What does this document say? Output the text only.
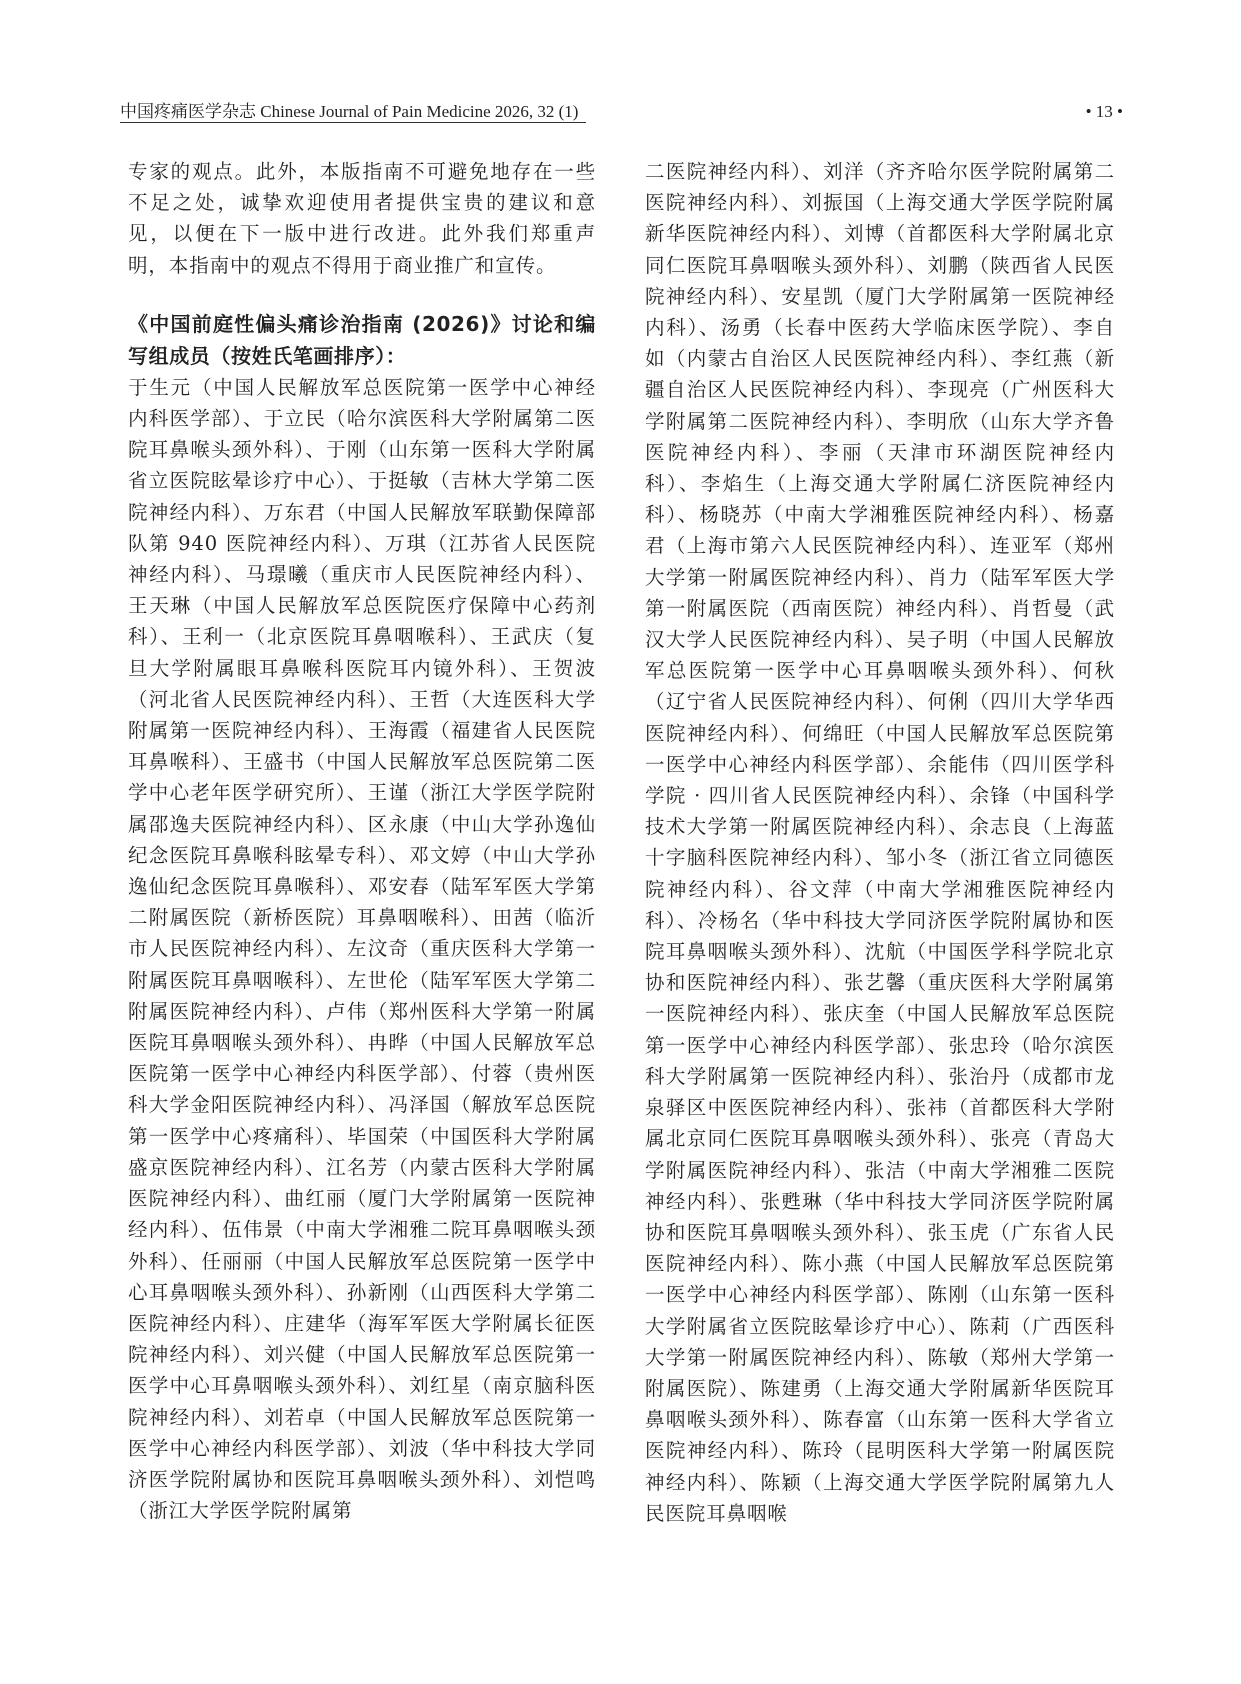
中国疼痛医学杂志 Chinese Journal of Pain Medicine 2026, 32 (1)	• 13 •

专家的观点。此外，本版指南不可避免地存在一些不足之处，诚挚欢迎使用者提供宝贵的建议和意见，以便在下一版中进行改进。此外我们郑重声明，本指南中的观点不得用于商业推广和宣传。

《中国前庭性偏头痛诊治指南 (2026)》讨论和编写组成员（按姓氏笔画排序）：

于生元（中国人民解放军总医院第一医学中心神经内科医学部）、于立民（哈尔滨医科大学附属第二医院耳鼻喉头颈外科）、于刚（山东第一医科大学附属省立医院眩晕诊疗中心）、于挺敏（吉林大学第二医院神经内科）、万东君（中国人民解放军联勤保障部队第 940 医院神经内科）、万琪（江苏省人民医院神经内科）、马璟曦（重庆市人民医院神经内科）、王天琳（中国人民解放军总医院医疗保障中心药剂科）、王利一（北京医院耳鼻咽喉科）、王武庆（复旦大学附属眼耳鼻喉科医院耳内镜外科）、王贺波（河北省人民医院神经内科）、王哲（大连医科大学附属第一医院神经内科）、王海霞（福建省人民医院耳鼻喉科）、王盛书（中国人民解放军总医院第二医学中心老年医学研究所）、王谨（浙江大学医学院附属邵逸夫医院神经内科）、区永康（中山大学孙逸仙纪念医院耳鼻喉科眩晕专科）、邓文婷（中山大学孙逸仙纪念医院耳鼻喉科）、邓安春（陆军军医大学第二附属医院（新桥医院）耳鼻咽喉科）、田茜（临沂市人民医院神经内科）、左汶奇（重庆医科大学第一附属医院耳鼻咽喉科）、左世伦（陆军军医大学第二附属医院神经内科）、卢伟（郑州医科大学第一附属医院耳鼻咽喉头颈外科）、冉晔（中国人民解放军总医院第一医学中心神经内科医学部）、付蓉（贵州医科大学金阳医院神经内科）、冯泽国（解放军总医院第一医学中心疼痛科）、毕国荣（中国医科大学附属盛京医院神经内科）、江名芳（内蒙古医科大学附属医院神经内科）、曲红丽（厦门大学附属第一医院神经内科）、伍伟景（中南大学湘雅二院耳鼻咽喉头颈外科）、任丽丽（中国人民解放军总医院第一医学中心耳鼻咽喉头颈外科）、孙新刚（山西医科大学第二医院神经内科）、庄建华（海军军医大学附属长征医院神经内科）、刘兴健（中国人民解放军总医院第一医学中心耳鼻咽喉头颈外科）、刘红星（南京脑科医院神经内科）、刘若卓（中国人民解放军总医院第一医学中心神经内科医学部）、刘波（华中科技大学同济医学院附属协和医院耳鼻咽喉头颈外科）、刘恺鸣（浙江大学医学院附属第

二医院神经内科）、刘洋（齐齐哈尔医学院附属第二医院神经内科）、刘振国（上海交通大学医学院附属新华医院神经内科）、刘博（首都医科大学附属北京同仁医院耳鼻咽喉头颈外科）、刘鹏（陕西省人民医院神经内科）、安星凯（厦门大学附属第一医院神经内科）、汤勇（长春中医药大学临床医学院）、李自如（内蒙古自治区人民医院神经内科）、李红燕（新疆自治区人民医院神经内科）、李现亮（广州医科大学附属第二医院神经内科）、李明欣（山东大学齐鲁医院神经内科）、李丽（天津市环湖医院神经内科）、李焰生（上海交通大学附属仁济医院神经内科）、杨晓苏（中南大学湘雅医院神经内科）、杨嘉君（上海市第六人民医院神经内科）、连亚军（郑州大学第一附属医院神经内科）、肖力（陆军军医大学第一附属医院（西南医院）神经内科）、肖哲曼（武汉大学人民医院神经内科）、吴子明（中国人民解放军总医院第一医学中心耳鼻咽喉头颈外科）、何秋（辽宁省人民医院神经内科）、何俐（四川大学华西医院神经内科）、何绵旺（中国人民解放军总医院第一医学中心神经内科医学部）、余能伟（四川医学科学院 · 四川省人民医院神经内科）、余锋（中国科学技术大学第一附属医院神经内科）、余志良（上海蓝十字脑科医院神经内科）、邹小冬（浙江省立同德医院神经内科）、谷文萍（中南大学湘雅医院神经内科）、冷杨名（华中科技大学同济医学院附属协和医院耳鼻咽喉头颈外科）、沈航（中国医学科学院北京协和医院神经内科）、张艺馨（重庆医科大学附属第一医院神经内科）、张庆奎（中国人民解放军总医院第一医学中心神经内科医学部）、张忠玲（哈尔滨医科大学附属第一医院神经内科）、张治丹（成都市龙泉驿区中医医院神经内科）、张祎（首都医科大学附属北京同仁医院耳鼻咽喉头颈外科）、张亮（青岛大学附属医院神经内科）、张洁（中南大学湘雅二医院神经内科）、张甦琳（华中科技大学同济医学院附属协和医院耳鼻咽喉头颈外科）、张玉虎（广东省人民医院神经内科）、陈小燕（中国人民解放军总医院第一医学中心神经内科医学部）、陈刚（山东第一医科大学附属省立医院眩晕诊疗中心）、陈莉（广西医科大学第一附属医院神经内科）、陈敏（郑州大学第一附属医院）、陈建勇（上海交通大学附属新华医院耳鼻咽喉头颈外科）、陈春富（山东第一医科大学省立医院神经内科）、陈玲（昆明医科大学第一附属医院神经内科）、陈颖（上海交通大学医学院附属第九人民医院耳鼻咽喉
